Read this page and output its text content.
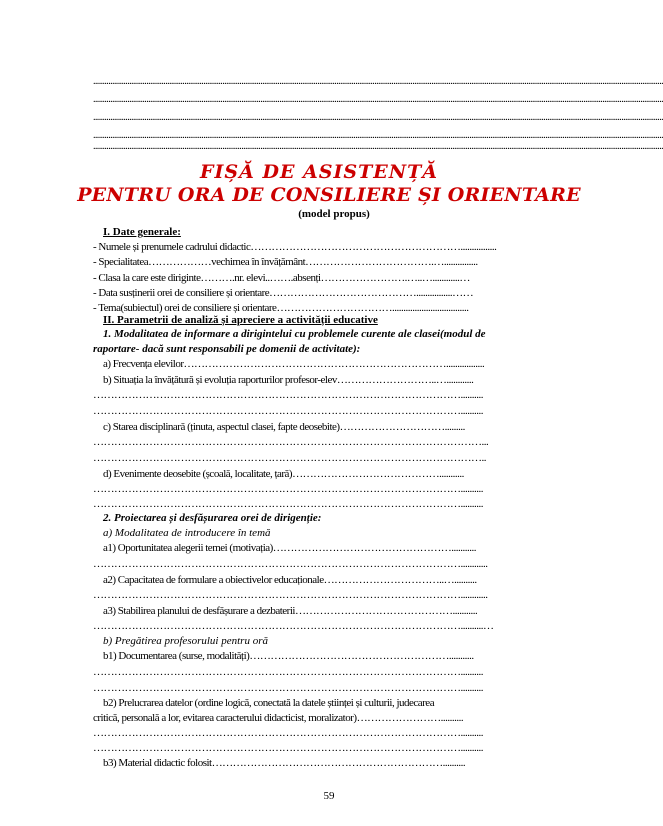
............................................................................................................................................................................................................................................................................................................
............................................................................................................................................................................................................................................................................................................
............................................................................................................................................................................................................................................................................................................
............................................................................................................................................................................................................................................................................................................
............................................................................................................................................................................................................................................................................................................
FIȘĂ DE ASISTENȚĂ
PENTRU ORA DE CONSILIERE ȘI ORIENTARE
(model propus)
I. Date generale:
- Numele și prenumele cadrului didactic……………………………………………………................
- Specialitatea………………vechimea în învățământ……………………………….…...............
- Clasa la care este diriginte……….nr. elevi..…….absenți…………………….…..…............…
- Data susținerii orei de consiliere și orientare……………………………………................……
- Tema(subiectul) orei de consiliere și orientare……………………………..................................
II. Parametrii de analiză și apreciere a activității educative
1. Modalitatea de informare a dirigintelui cu problemele curente ale clasei(modul de
raportare- dacă sunt responsabili pe domenii de activitate):
a) Frecvența elevilor………………………………………………………………….................
b) Situația la învățătură și evoluția raporturilor profesor-elev………………………..…............
……………………………………………………………………………………………..........
……………………………………………………………………………………………..........
c) Starea disciplinară (ținuta, aspectul clasei, fapte deosebite)………………………….........
…………………………………………………………………………………………………...
…………………………………………………………………………………………………..
d) Evenimente deosebite (școală, localitate, țară)……………………………………...........
……………………………………………………………………………………………..........
……………………………………………………………………………………………..........
2. Proiectarea și desfășurarea orei de dirigenție:
a) Modalitatea de introducere în temă
a1) Oportunitatea alegerii temei (motivația)……………………………………………...........
……………………………………………………………………………………………............
a2) Capacitatea de formulare a obiectivelor educaționale……………………………..…..........
……………………………………………………………………………………………............
a3) Stabilirea planului de desfășurare a dezbaterii………………………………………...........
……………………………………………………………………………………………..........…
b) Pregătirea profesorului pentru oră
b1) Documentarea (surse, modalități)…………………………………………………...........
……………………………………………………………………………………………..........
……………………………………………………………………………………………..........
b2) Prelucrarea datelor (ordine logică, conectată la datele științei și culturii, judecarea
critică, personală a lor, evitarea caracterului didacticist, moralizator)……………………..........
……………………………………………………………………………………………..........
……………………………………………………………………………………………..........
b3) Material didactic folosit…………………………………………………………..........
59
